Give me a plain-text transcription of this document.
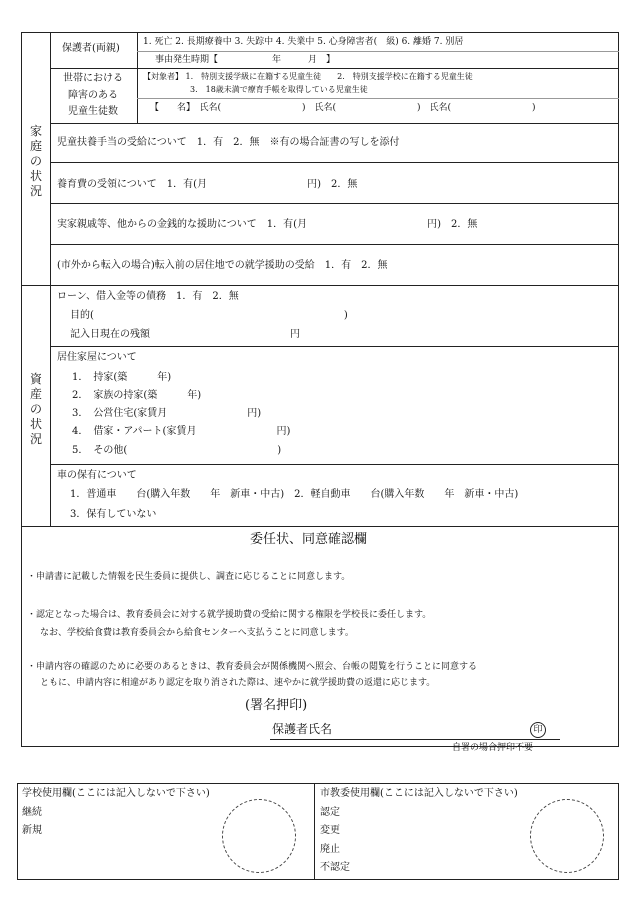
家
庭
の
状
況
保護者(両親)
1. 死亡 2. 長期療養中 3. 失踪中 4. 失業中 5. 心身障害者(　級) 6. 離婚 7. 別居
事由発生時期【　　　　　　年　　　月　】
世帯における
障害のある
児童生徒数
【対象者】 1.　特別支援学級に在籍する児童生徒　　2.　特別支援学校に在籍する児童生徒
3.　18歳未満で療育手帳を取得している児童生徒
【　　名】　氏名(　　　　　　　　　)　氏名(　　　　　　　　　)　氏名(　　　　　　　　　)
児童扶養手当の受給について　1．有　2．無　※有の場合証書の写しを添付
養育費の受領について　1．有(月　　　　　　　　　　円)　2．無
実家親戚等、他からの金銭的な援助について　1．有(月　　　　　　　　　　　　円)　2．無
(市外から転入の場合)転入前の居住地での就学援助の受給　1．有　2．無
資
産
の
状
況
ローン、借入金等の債務　1．有　2．無
目的(　　　　　　　　　　　　　　　　　　　　　　　　　)
記入日現在の残額　　　　　　　　　　　　　　円
居住家屋について
1．　持家(築　　　年)
2．　家族の持家(築　　　年)
3．　公営住宅(家賃月　　　　　　　　円)
4．　借家・アパート(家賃月　　　　　　　　円)
5．　その他(　　　　　　　　　　　　　　　)
車の保有について
1．普通車　　台(購入年数　　年　新車・中古)　2．軽自動車　　台(購入年数　　年　新車・中古)
3．保有していない
委任状、同意確認欄
・申請書に記載した情報を民生委員に提供し、調査に応じることに同意します。
・認定となった場合は、教育委員会に対する就学援助費の受給に関する権限を学校長に委任します。
なお、学校給食費は教育委員会から給食センターへ支払うことに同意します。
・申請内容の確認のために必要のあるときは、教育委員会が関係機関へ照会、台帳の閲覧を行うことに同意する
ともに、申請内容に相違があり認定を取り消された際は、速やかに就学援助費の返還に応じます。
(署名押印)
保護者氏名	印
自署の場合押印不要
学校使用欄(ここには記入しないで下さい)
継続
新規
市教委使用欄(ここには記入しないで下さい)
認定
変更
廃止
不認定
